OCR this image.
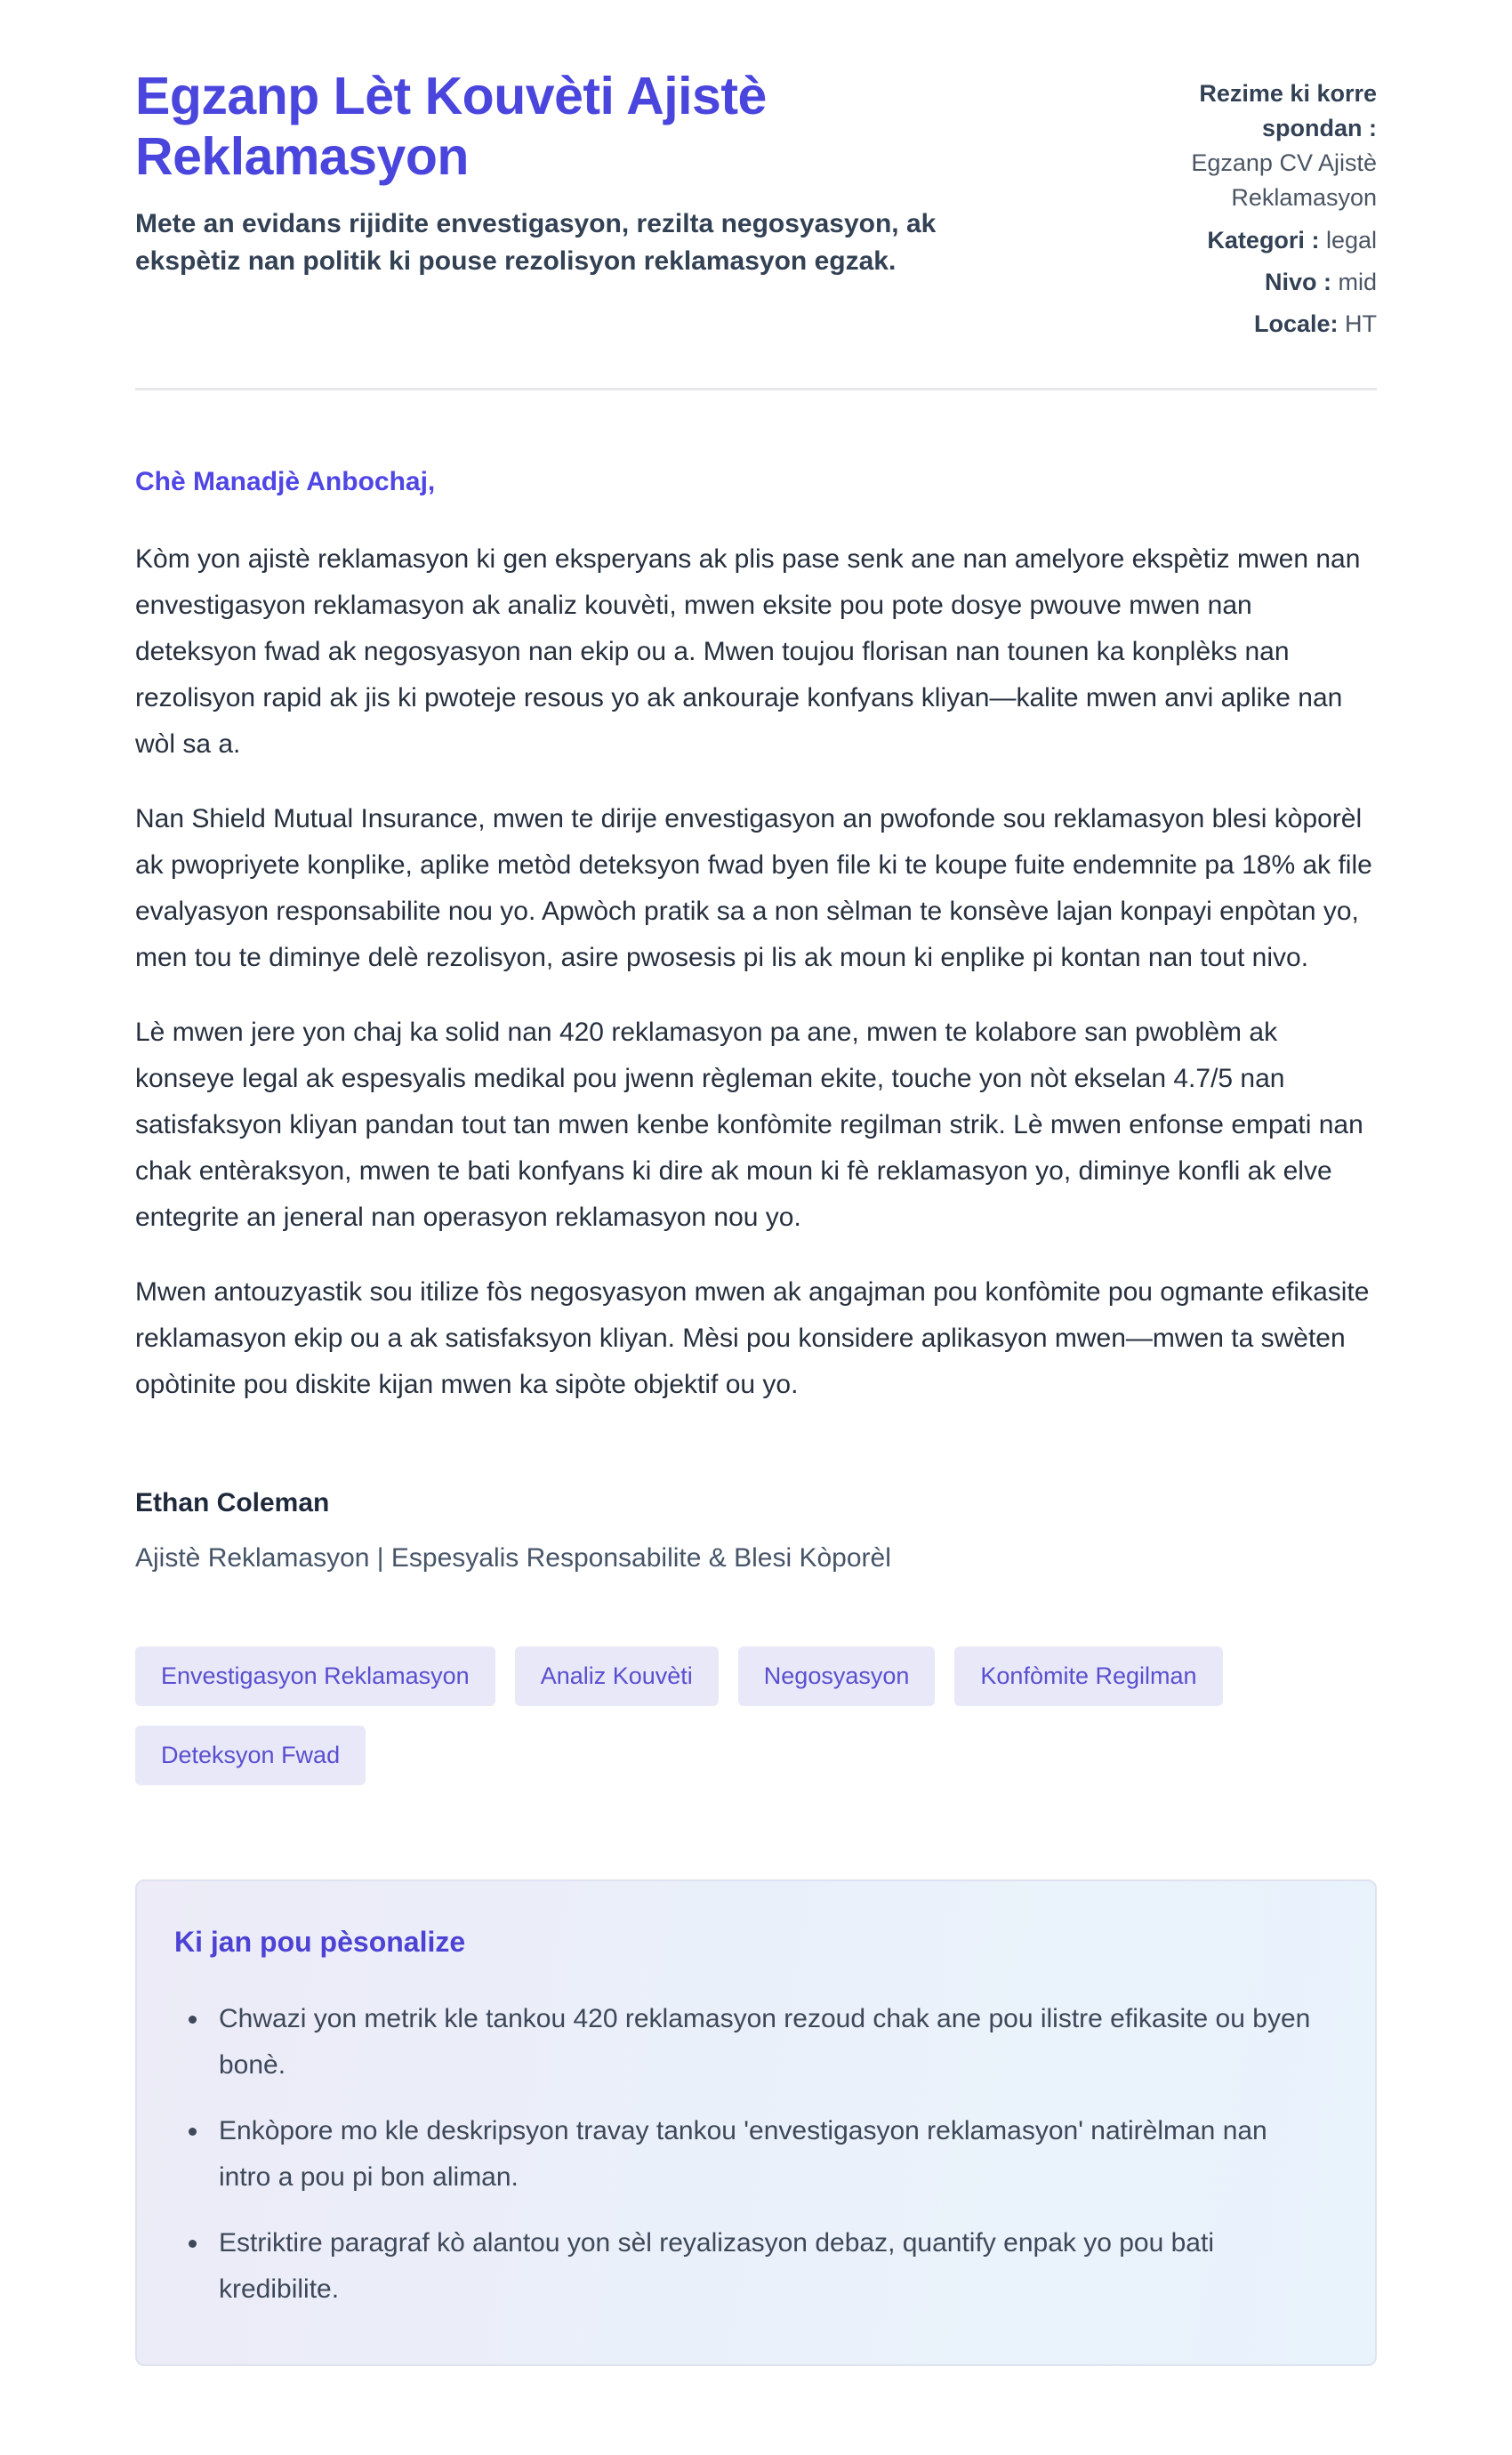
Egzanp Lèt Kouvèti Ajistè Reklamasyon

Mete an evidans rijidite envestigasyon, rezilta negosyasyon, ak ekspètiz nan politik ki pouse rezolisyon reklamasyon egzak.

Rezime ki korre spondan :
Egzanp CV Ajistè Reklamasyon
Kategori : legal
Nivo : mid
Locale: HT
Chè Manadjè Anbochaj,

Kòm yon ajistè reklamasyon ki gen eksperyans ak plis pase senk ane nan amelyore ekspètiz mwen nan envestigasyon reklamasyon ak analiz kouvèti, mwen eksite pou pote dosye pwouve mwen nan deteksyon fwad ak negosyasyon nan ekip ou a. Mwen toujou florisan nan tounen ka konplèks nan rezolisyon rapid ak jis ki pwoteje resous yo ak ankouraje konfyans kliyan—kalite mwen anvi aplike nan wòl sa a.

Nan Shield Mutual Insurance, mwen te dirije envestigasyon an pwofonde sou reklamasyon blesi kòporèl ak pwopriyete konplike, aplike metòd deteksyon fwad byen file ki te koupe fuite endemnite pa 18% ak file evalyasyon responsabilite nou yo. Apwòch pratik sa a non sèlman te konsève lajan konpayi enpòtan yo, men tou te diminye delè rezolisyon, asire pwosesis pi lis ak moun ki enplike pi kontan nan tout nivo.

Lè mwen jere yon chaj ka solid nan 420 reklamasyon pa ane, mwen te kolabore san pwoblèm ak konseye legal ak espesyalis medikal pou jwenn règleman ekite, touche yon nòt ekselan 4.7/5 nan satisfaksyon kliyan pandan tout tan mwen kenbe konfòmite regilman strik. Lè mwen enfonse empati nan chak entèraksyon, mwen te bati konfyans ki dire ak moun ki fè reklamasyon yo, diminye konfli ak elve entegrite an jeneral nan operasyon reklamasyon nou yo.

Mwen antouzyastik sou itilize fòs negosyasyon mwen ak angajman pou konfòmite pou ogmante efikasite reklamasyon ekip ou a ak satisfaksyon kliyan. Mèsi pou konsidere aplikasyon mwen—mwen ta swèten opòtinite pou diskite kijan mwen ka sipòte objektif ou yo.

Ethan Coleman
Ajistè Reklamasyon | Espesyalis Responsabilite & Blesi Kòporèl
Envestigasyon Reklamasyon	Analiz Kouvèti	Negosyasyon	Konfòmite Regilman
Deteksyon Fwad
Ki jan pou pèsonalize
• Chwazi yon metrik kle tankou 420 reklamasyon rezoud chak ane pou ilistre efikasite ou byen bonè.
• Enkòpore mo kle deskripsyon travay tankou 'envestigasyon reklamasyon' natirèlman nan intro a pou pi bon aliman.
• Estriktire paragraf kò alantou yon sèl reyalizasyon debaz, quantify enpak yo pou bati kredibilite.
